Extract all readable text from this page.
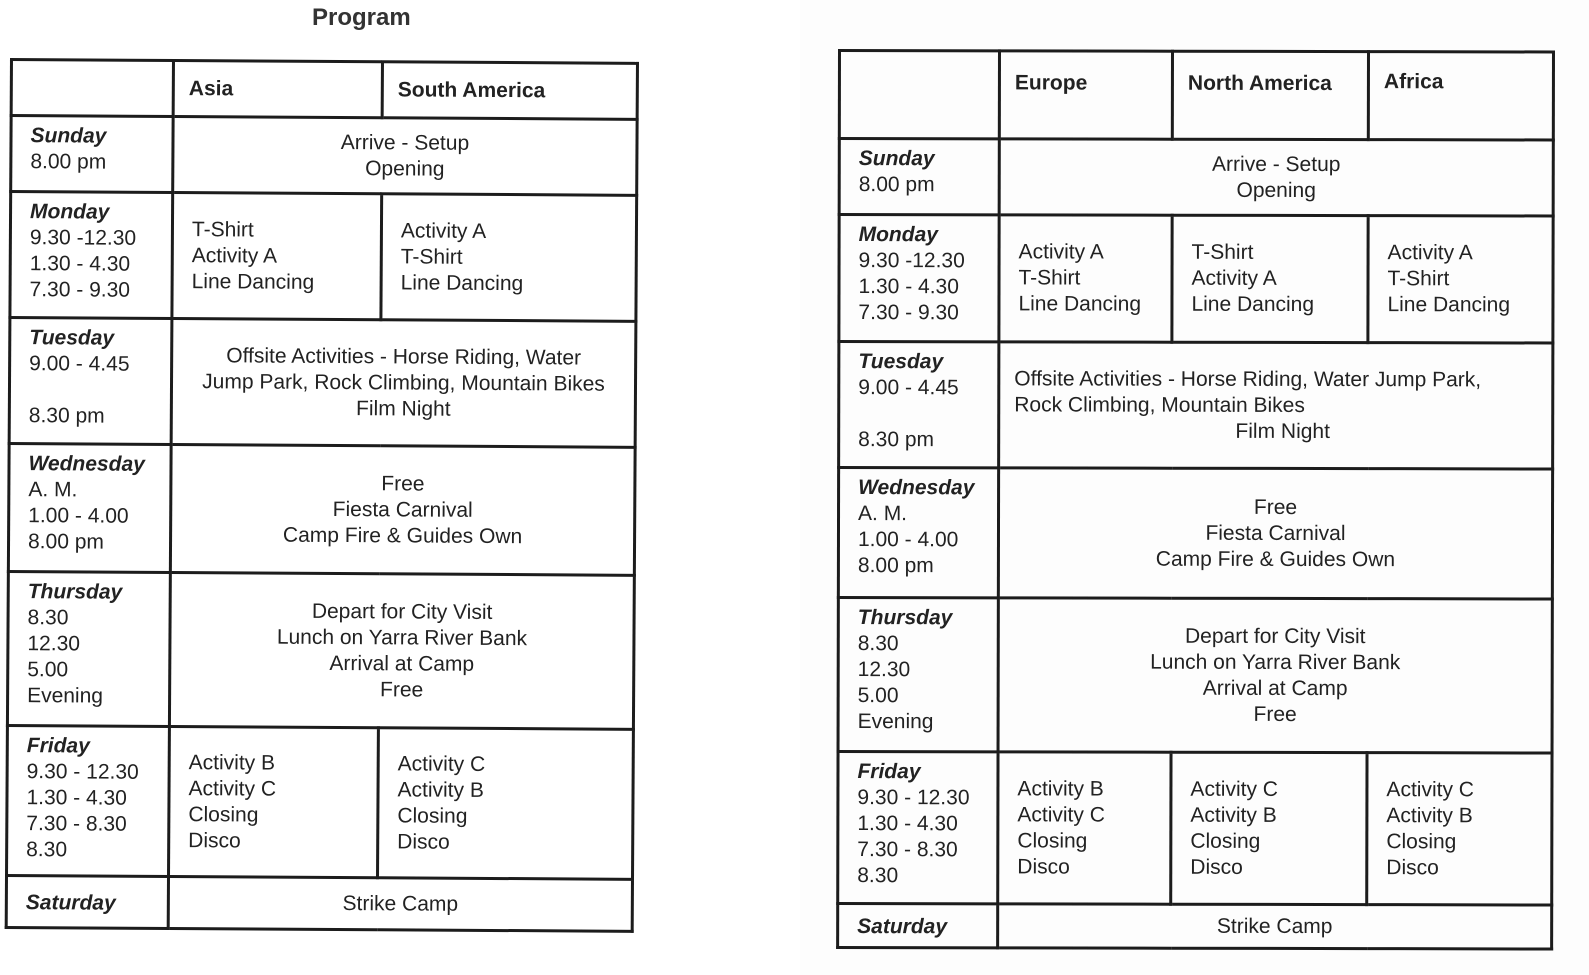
Program
	Asia	South America

Sunday
8.00 pm	Arrive - Setup
Opening	

Monday
9.30 -12.30
1.30 - 4.30
7.30 - 9.30	T-Shirt
Activity A
Line Dancing	Activity A
T-Shirt
Line Dancing

Tuesday
9.00 - 4.45
8.30 pm	Offsite Activities - Horse Riding, Water
Jump Park, Rock Climbing, Mountain Bikes
Film Night	

Wednesday
A. M.
1.00 - 4.00
8.00 pm	Free
Fiesta Carnival
Camp Fire & Guides Own	

Thursday
8.30
12.30
5.00
Evening	Depart for City Visit
Lunch on Yarra River Bank
Arrival at Camp
Free	

Friday
9.30 - 12.30
1.30 - 4.30
7.30 - 8.30
8.30	Activity B
Activity C
Closing
Disco	Activity C
Activity B
Closing
Disco

Saturday	Strike Camp	
	Europe	North America	Africa

Sunday
8.00 pm	Arrive - Setup
Opening		

Monday
9.30 -12.30
1.30 - 4.30
7.30 - 9.30	Activity A
T-Shirt
Line Dancing	T-Shirt
Activity A
Line Dancing	Activity A
T-Shirt
Line Dancing

Tuesday
9.00 - 4.45
8.30 pm	Offsite Activities - Horse Riding, Water Jump Park,
Rock Climbing, Mountain Bikes
Film Night		

Wednesday
A. M.
1.00 - 4.00
8.00 pm	Free
Fiesta Carnival
Camp Fire & Guides Own		

Thursday
8.30
12.30
5.00
Evening	Depart for City Visit
Lunch on Yarra River Bank
Arrival at Camp
Free		

Friday
9.30 - 12.30
1.30 - 4.30
7.30 - 8.30
8.30	Activity B
Activity C
Closing
Disco	Activity C
Activity B
Closing
Disco	Activity C
Activity B
Closing
Disco

Saturday	Strike Camp		
